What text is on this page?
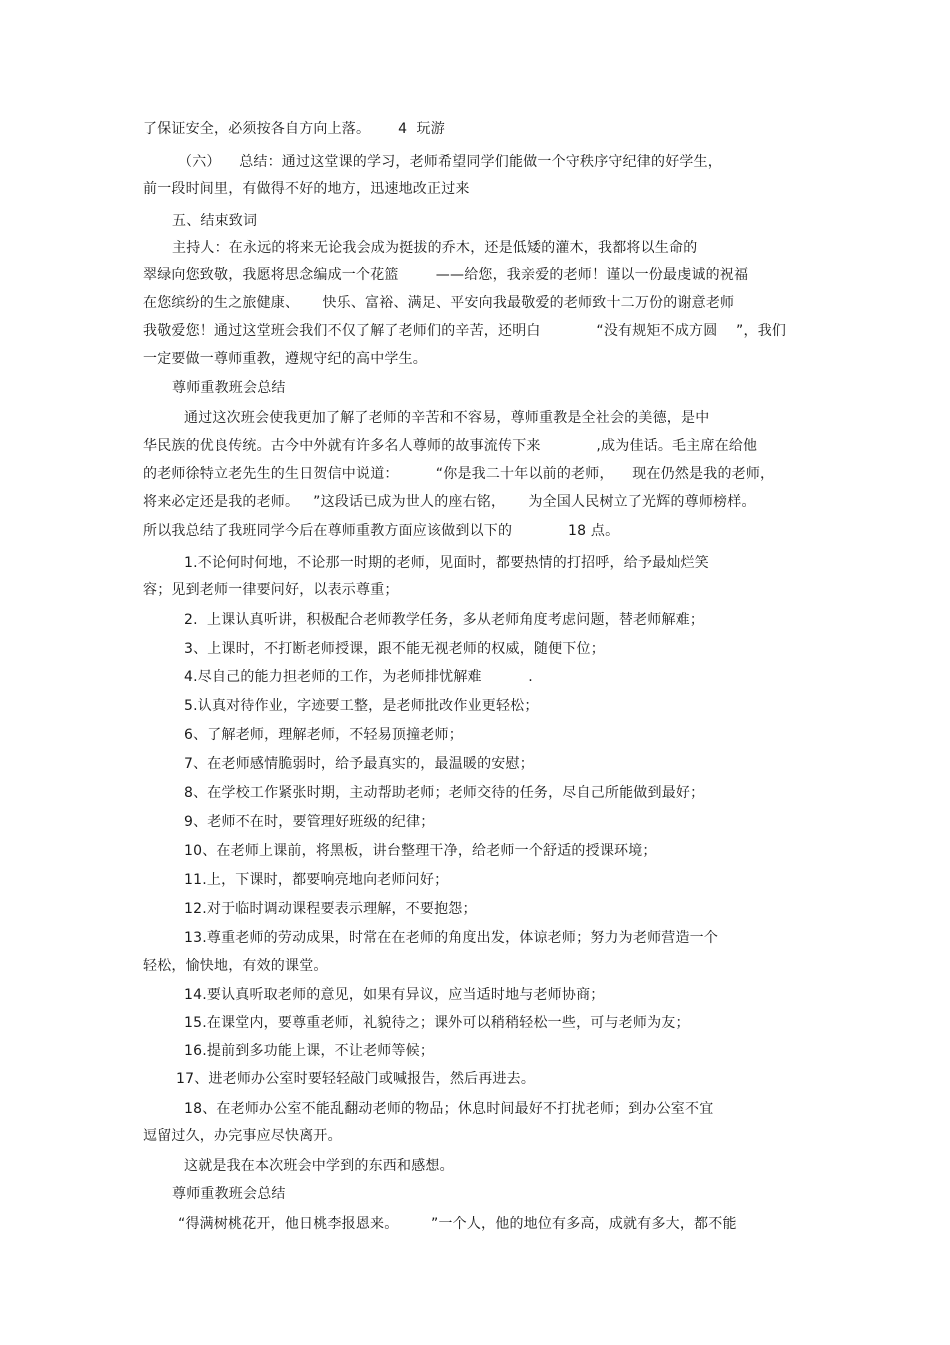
了保证安全，必须按各自方向上落。      4  玩游
（六）    总结：通过这堂课的学习，老师希望同学们能做一个守秩序守纪律的好学生，
前一段时间里，有做得不好的地方，迅速地改正过来
五、结束致词
主持人：在永远的将来无论我会成为挺拔的乔木，还是低矮的灌木，我都将以生命的
翠绿向您致敬，我愿将思念编成一个花篮        ——给您，我亲爱的老师！谨以一份最虔诚的祝福
在您缤纷的生之旅健康、     快乐、富裕、满足、平安向我最敬爱的老师致十二万份的谢意老师
我敬爱您！通过这堂班会我们不仅了解了老师们的辛苦，还明白            “没有规矩不成方圆    ”，我们
一定要做一尊师重教，遵规守纪的高中学生。
尊师重教班会总结
通过这次班会使我更加了解了老师的辛苦和不容易，尊师重教是全社会的美德，是中
华民族的优良传统。古今中外就有许多名人尊师的故事流传下来            ,成为佳话。毛主席在给他
的老师徐特立老先生的生日贺信中说道：        “你是我二十年以前的老师，    现在仍然是我的老师，
将来必定还是我的老师。   ”这段话已成为世人的座右铭，     为全国人民树立了光辉的尊师榜样。
所以我总结了我班同学今后在尊师重教方面应该做到以下的            18 点。
1.不论何时何地，不论那一时期的老师，见面时，都要热情的打招呼，给予最灿烂笑
容；见到老师一律要问好，以表示尊重；
2.  上课认真听讲，积极配合老师教学任务，多从老师角度考虑问题，替老师解难；
3、上课时，不打断老师授课，跟不能无视老师的权威，随便下位；
4.尽自己的能力担老师的工作，为老师排忧解难          .
5.认真对待作业，字迹要工整，是老师批改作业更轻松；
6、了解老师，理解老师，不轻易顶撞老师；
7、在老师感情脆弱时，给予最真实的，最温暖的安慰；
8、在学校工作紧张时期，主动帮助老师；老师交待的任务，尽自己所能做到最好；
9、老师不在时，要管理好班级的纪律；
10、在老师上课前，将黑板，讲台整理干净，给老师一个舒适的授课环境；
11.上，下课时，都要响亮地向老师问好；
12.对于临时调动课程要表示理解，不要抱怨；
13.尊重老师的劳动成果，时常在在老师的角度出发，体谅老师；努力为老师营造一个
轻松，愉快地，有效的课堂。
14.要认真听取老师的意见，如果有异议，应当适时地与老师协商；
15.在课堂内，要尊重老师，礼貌待之；课外可以稍稍轻松一些，可与老师为友；
16.提前到多功能上课，不让老师等候；
17、进老师办公室时要轻轻敲门或喊报告，然后再进去。
18、在老师办公室不能乱翻动老师的物品；休息时间最好不打扰老师；到办公室不宜
逗留过久，办完事应尽快离开。
这就是我在本次班会中学到的东西和感想。
尊师重教班会总结
“得满树桃花开，他日桃李报恩来。       ”一个人，他的地位有多高，成就有多大，都不能
